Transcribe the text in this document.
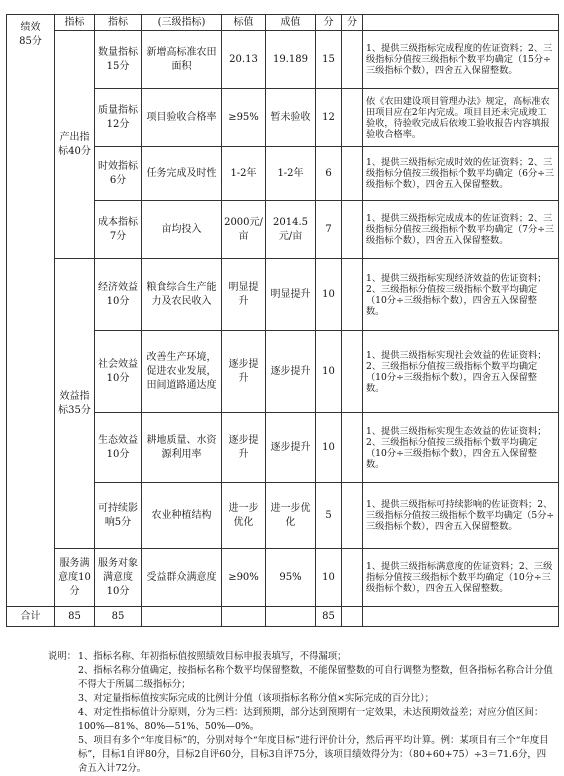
绩效
85分	指标	指标	(三级指标)	标值	成值	分	分	
	产出指标40分	数量指标15分	新增高标准农田面积	20.13	19.189	15		1、提供三级指标完成程度的佐证资料；2、三级指标分值按三级指标个数平均确定（15分÷三级指标个数），四舍五入保留整数。
		质量指标12分	项目验收合格率	≥95%	暂未验收	12		依《农田建设项目管理办法》规定，高标准农田项目应在2年内完成。项目目还未完成竣工验收，待验收完成后依竣工验收报告内容填报验收合格率。
		时效指标6分	任务完成及时性	1-2年	1-2年	6		1、提供三级指标完成时效的佐证资料；2、三级指标分值按三级指标个数平均确定（6分÷三级指标个数），四舍五入保留整数。
		成本指标7分	亩均投入	2000元/亩	2014.5元/亩	7		1、提供三级指标完成成本的佐证资料；2、三级指标分值按三级指标个数平均确定（7分÷三级指标个数），四舍五入保留整数。
	效益指标35分	经济效益10分	粮食综合生产能力及农民收入	明显提升	明显提升	10		1、提供三级指标实现经济效益的佐证资料；2、三级指标分值按三级指标个数平均确定（10分÷三级指标个数），四舍五入保留整数。
		社会效益10分	改善生产环境，促进农业发展，田间道路通达度	逐步提升	逐步提升	10		1、提供三级指标实现社会效益的佐证资料；2、三级指标分值按三级指标个数平均确定（10分÷三级指标个数），四舍五入保留整数。
		生态效益10分	耕地质量、水资源利用率	逐步提升	逐步提升	10		1、提供三级指标实现生态效益的佐证资料；2、三级指标分值按三级指标个数平均确定（10分÷三级指标个数），四舍五入保留整数。
		可持续影响5分	农业种植结构	进一步优化	进一步优化	5		1、提供三级指标可持续影响的佐证资料；2、三级指标分值按三级指标个数平均确定（5分÷三级指标个数），四舍五入保留整数。
	服务满意度10分	服务对象满意度10分	受益群众满意度	≥90%	95%	10		1、提供三级指标满意度的佐证资料；2、三级指标分值按三级指标个数平均确定（10分÷三级指标个数），四舍五入保留整数。
合计	85	85				85		
说明： 1、指标名称、年初指标值按照绩效目标申报表填写，不得漏项；
2、指标名称分值确定，按指标名称个数平均保留整数，不能保留整数的可自行调整为整数，但各指标名称合计分值不得大于所属二级指标分；
3、对定量指标值按实际完成的比例计分值（该项指标名称分值×实际完成的百分比）；
4、对定性指标值计分原则，分为三档：达到预期，部分达到预期有一定效果，未达预期效益差；对应分值区间：100%—81%、80%—51%、50%—0%。
5、项目有多个“年度目标”的，分别对每个“年度目标”进行评价计分，然后再平均计算。例：某项目有三个“年度目标”，目标1自评80分，目标2自评60分，目标3自评75分，该项目绩效得分为：（80+60+75）÷3＝71.6分，四舍五入计72分。
